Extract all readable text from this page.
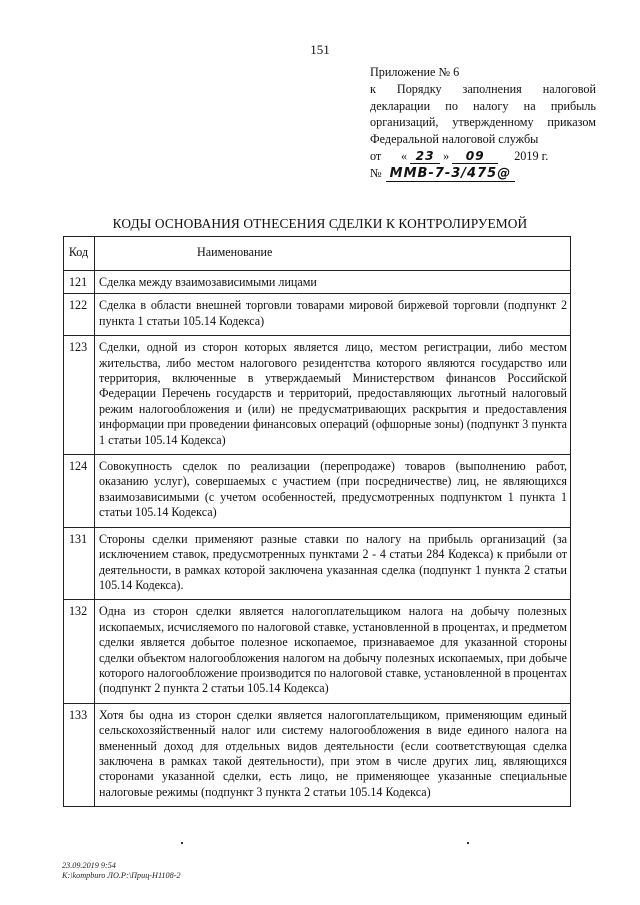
151
Приложение № 6
к Порядку заполнения налоговой
декларации по налогу на прибыль
организаций, утвержденному приказом
Федеральной налоговой службы
от	« 23 »	09	2019 г.
№ ММВ-7-3/475@
КОДЫ ОСНОВАНИЯ ОТНЕСЕНИЯ СДЕЛКИ К КОНТРОЛИРУЕМОЙ
Код	Наименование
121	Сделка между взаимозависимыми лицами
122	Сделка в области внешней торговли товарами мировой биржевой торговли (подпункт 2 пункта 1 статьи 105.14 Кодекса)
123	Сделки, одной из сторон которых является лицо, местом регистрации, либо местом жительства, либо местом налогового резидентства которого являются государство или территория, включенные в утверждаемый Министерством финансов Российской Федерации Перечень государств и территорий, предоставляющих льготный налоговый режим налогообложения и (или) не предусматривающих раскрытия и предоставления информации при проведении финансовых операций (офшорные зоны) (подпункт 3 пункта 1 статьи 105.14 Кодекса)
124	Совокупность сделок по реализации (перепродаже) товаров (выполнению работ, оказанию услуг), совершаемых с участием (при посредничестве) лиц, не являющихся взаимозависимыми (с учетом особенностей, предусмотренных подпунктом 1 пункта 1 статьи 105.14 Кодекса)
131	Стороны сделки применяют разные ставки по налогу на прибыль организаций (за исключением ставок, предусмотренных пунктами 2 - 4 статьи 284 Кодекса) к прибыли от деятельности, в рамках которой заключена указанная сделка (подпункт 1 пункта 2 статьи 105.14 Кодекса).
132	Одна из сторон сделки является налогоплательщиком налога на добычу полезных ископаемых, исчисляемого по налоговой ставке, установленной в процентах, и предметом сделки является добытое полезное ископаемое, признаваемое для указанной стороны сделки объектом налогообложения налогом на добычу полезных ископаемых, при добыче которого налогообложение производится по налоговой ставке, установленной в процентах (подпункт 2 пункта 2 статьи 105.14 Кодекса)
133	Хотя бы одна из сторон сделки является налогоплательщиком, применяющим единый сельскохозяйственный налог или систему налогообложения в виде единого налога на вмененный доход для отдельных видов деятельности (если соответствующая сделка заключена в рамках такой деятельности), при этом в числе других лиц, являющихся сторонами указанной сделки, есть лицо, не применяющее указанные специальные налоговые режимы (подпункт 3 пункта 2 статьи 105.14 Кодекса)
23.09.2019 9:54
K:\kompburo ЛО.Р:\Приц-Н1108-2
